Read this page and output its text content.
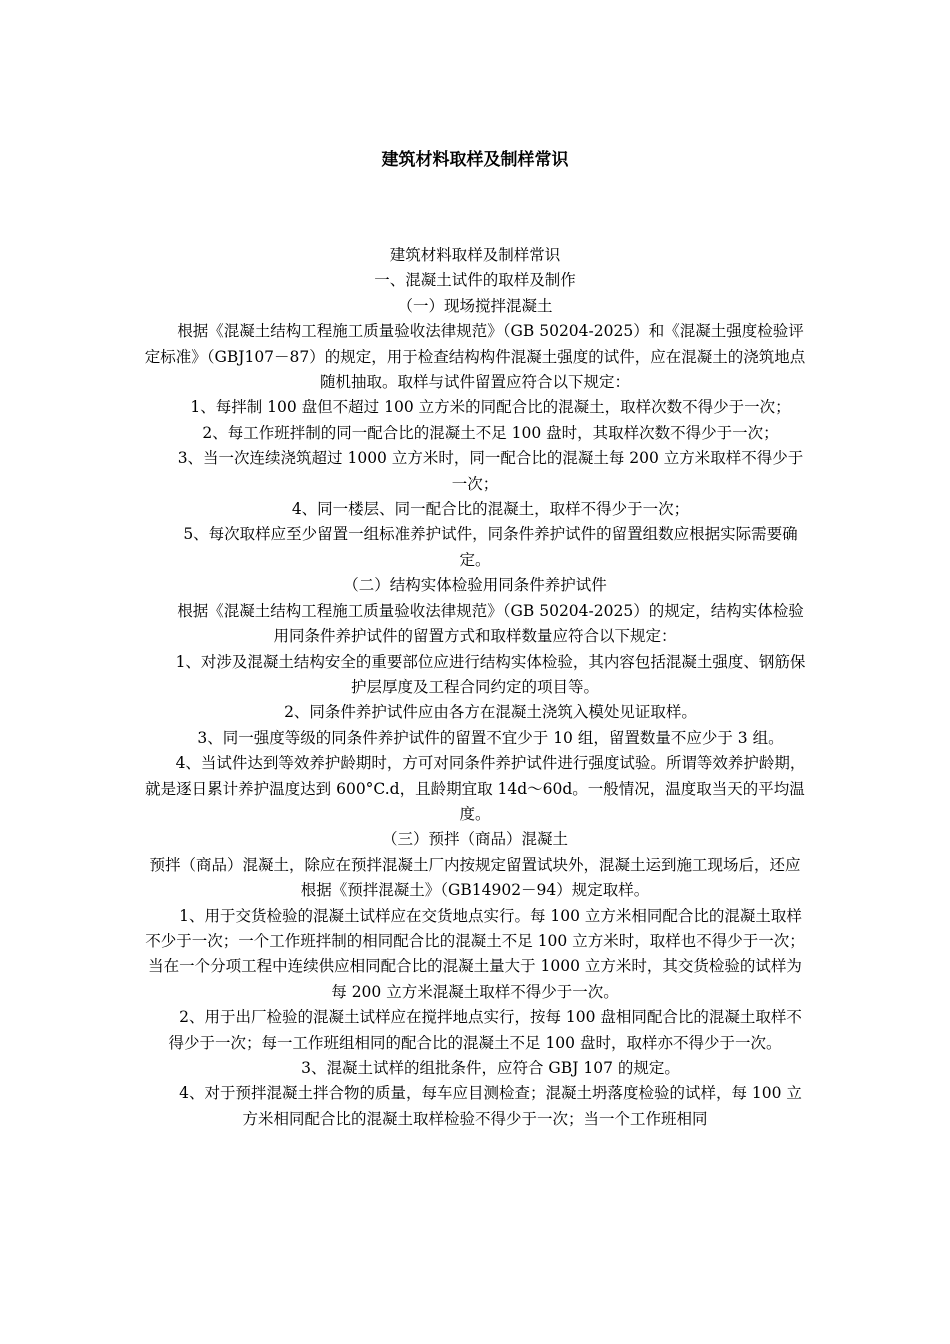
建筑材料取样及制样常识

建筑材料取样及制样常识

一、混凝土试件的取样及制作

（一）现场搅拌混凝土

根据《混凝土结构工程施工质量验收法律规范》（GB 50204-2025）和《混凝土强度检验评定标准》（GBJ107－87）的规定，用于检查结构构件混凝土强度的试件，应在混凝土的浇筑地点随机抽取。取样与试件留置应符合以下规定：

1、每拌制 100 盘但不超过 100 立方米的同配合比的混凝土，取样次数不得少于一次；

2、每工作班拌制的同一配合比的混凝土不足 100 盘时，其取样次数不得少于一次；

3、当一次连续浇筑超过 1000 立方米时，同一配合比的混凝土每 200 立方米取样不得少于一次；

4、同一楼层、同一配合比的混凝土，取样不得少于一次；

5、每次取样应至少留置一组标准养护试件，同条件养护试件的留置组数应根据实际需要确定。

（二）结构实体检验用同条件养护试件

根据《混凝土结构工程施工质量验收法律规范》（GB 50204-2025）的规定，结构实体检验用同条件养护试件的留置方式和取样数量应符合以下规定：

1、对涉及混凝土结构安全的重要部位应进行结构实体检验，其内容包括混凝土强度、钢筋保护层厚度及工程合同约定的项目等。

2、同条件养护试件应由各方在混凝土浇筑入模处见证取样。

3、同一强度等级的同条件养护试件的留置不宜少于 10 组，留置数量不应少于 3 组。

4、当试件达到等效养护龄期时，方可对同条件养护试件进行强度试验。所谓等效养护龄期，就是逐日累计养护温度达到 600°C.d，且龄期宜取 14d～60d。一般情况，温度取当天的平均温度。

（三）预拌（商品）混凝土

预拌（商品）混凝土，除应在预拌混凝土厂内按规定留置试块外，混凝土运到施工现场后，还应根据《预拌混凝土》（GB14902－94）规定取样。

1、用于交货检验的混凝土试样应在交货地点实行。每 100 立方米相同配合比的混凝土取样不少于一次；一个工作班拌制的相同配合比的混凝土不足 100 立方米时，取样也不得少于一次；当在一个分项工程中连续供应相同配合比的混凝土量大于 1000 立方米时，其交货检验的试样为每 200 立方米混凝土取样不得少于一次。

2、用于出厂检验的混凝土试样应在搅拌地点实行，按每 100 盘相同配合比的混凝土取样不得少于一次；每一工作班组相同的配合比的混凝土不足 100 盘时，取样亦不得少于一次。

3、混凝土试样的组批条件，应符合 GBJ 107 的规定。

4、对于预拌混凝土拌合物的质量，每车应目测检查；混凝土坍落度检验的试样，每 100 立方米相同配合比的混凝土取样检验不得少于一次；当一个工作班相同
